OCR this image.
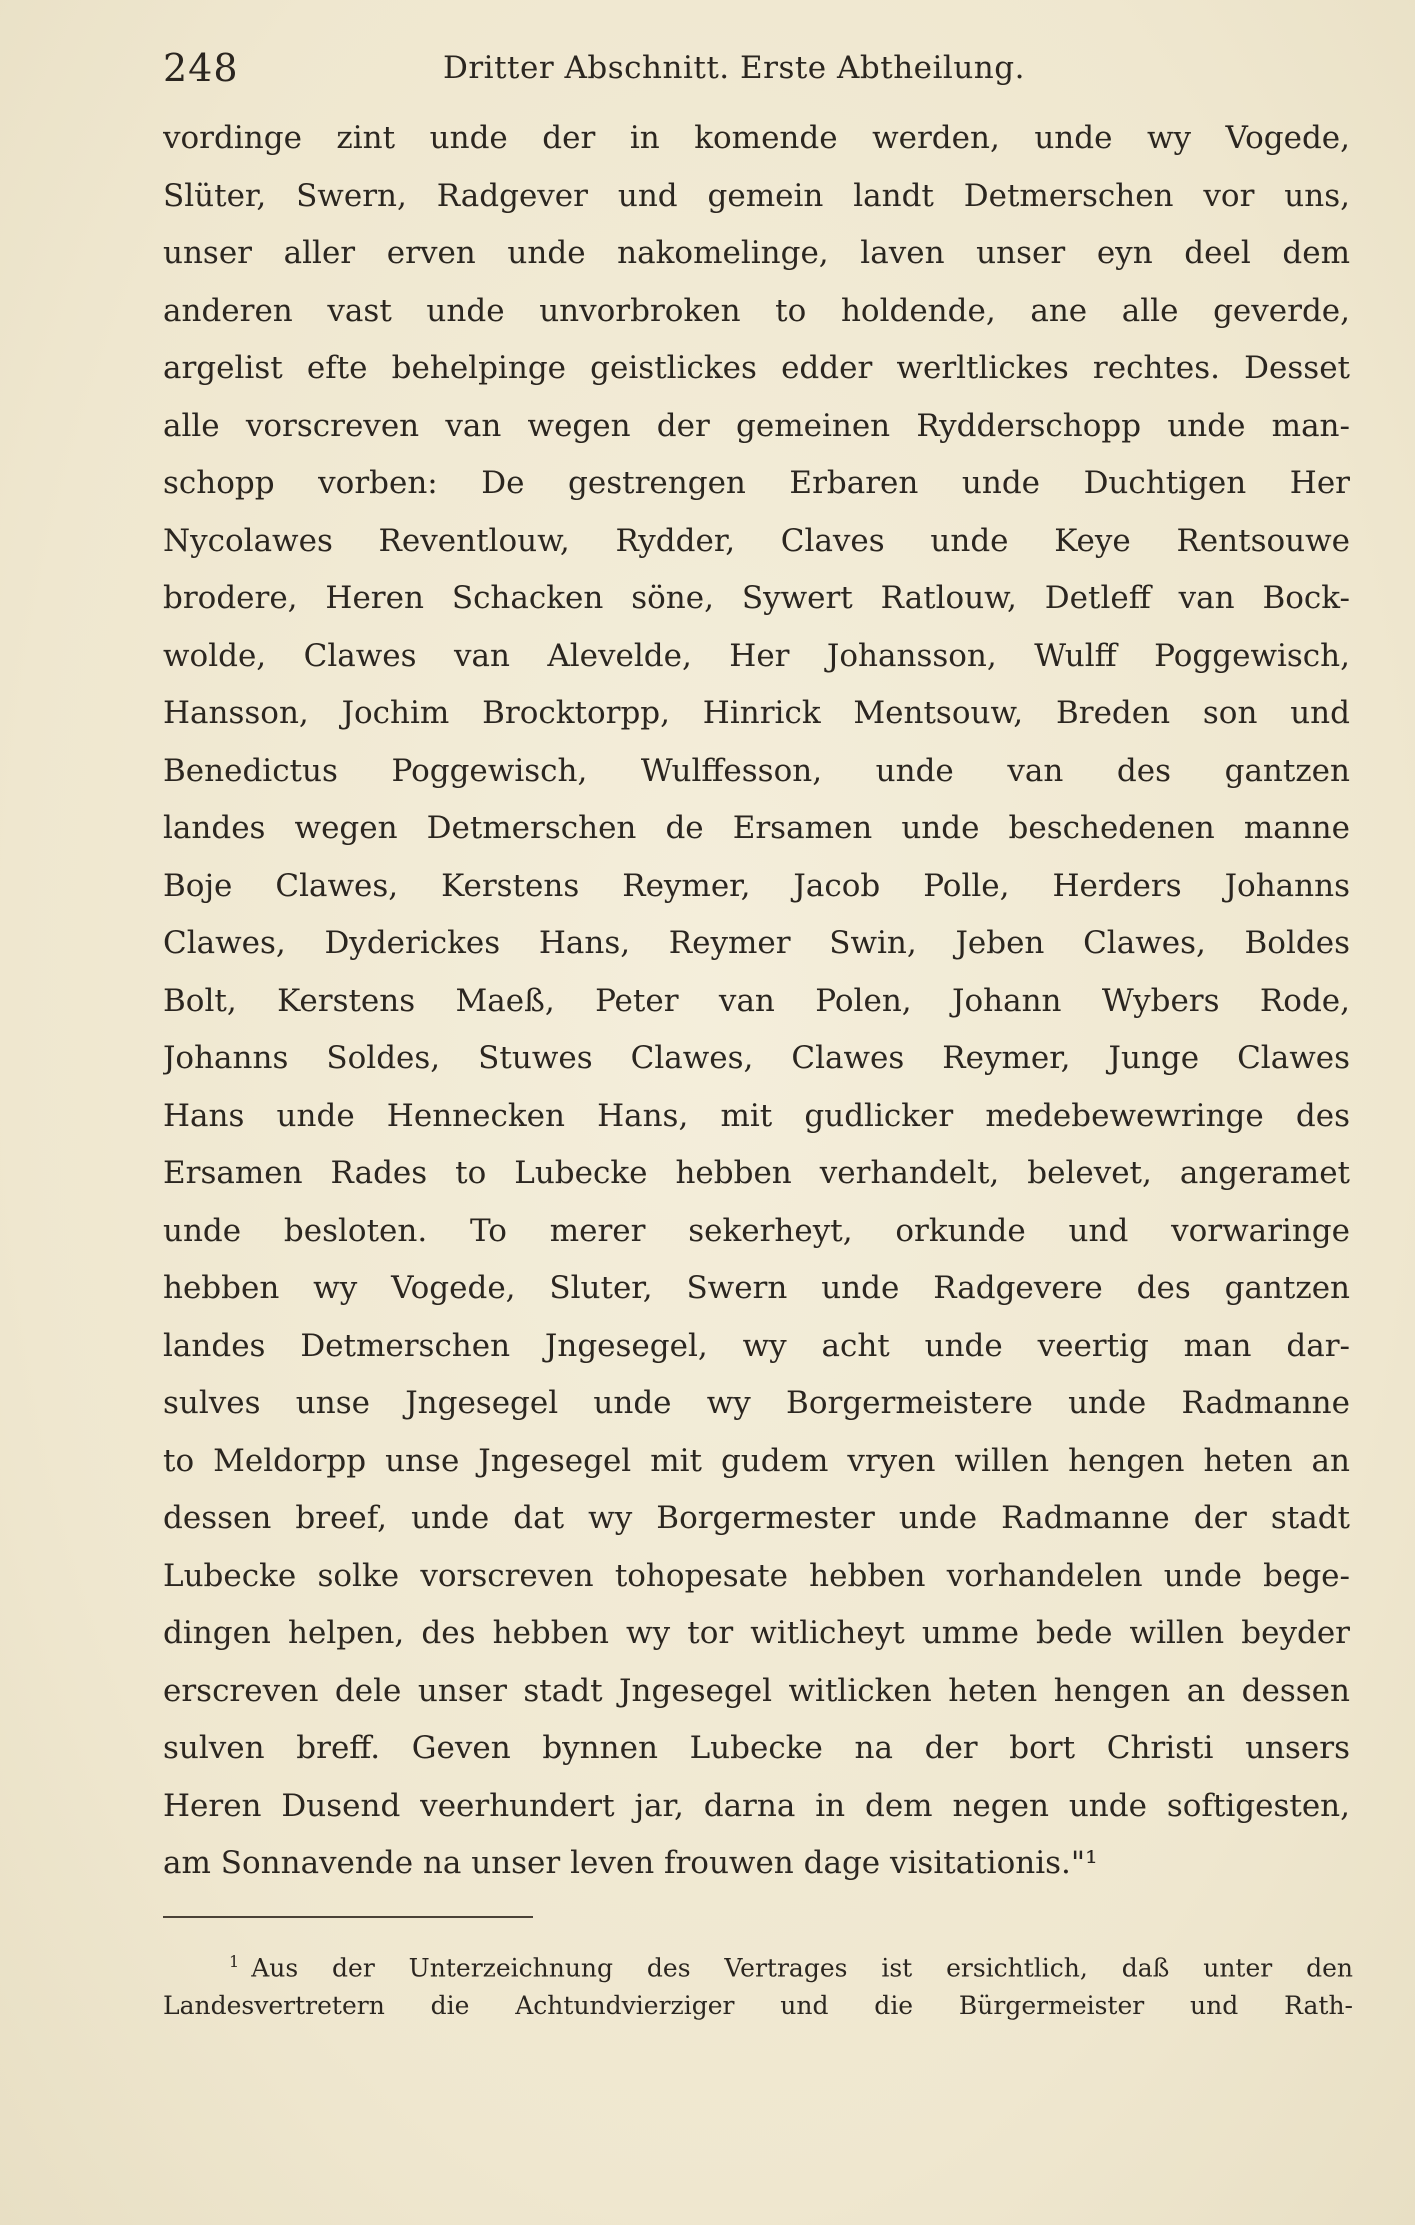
248	Dritter Abschnitt. Erste Abtheilung.
vordinge zint unde der in komende werden, unde wy Vogede,
Slüter, Swern, Radgever und gemein landt Detmerschen vor uns,
unser aller erven unde nakomelinge, laven unser eyn deel dem
anderen vast unde unvorbroken to holdende, ane alle geverde,
argelist efte behelpinge geistlickes edder werltlickes rechtes. Desset
alle vorscreven van wegen der gemeinen Rydderschopp unde man-
schopp vorben: De gestrengen Erbaren unde Duchtigen Her
Nycolawes Reventlouw, Rydder, Claves unde Keye Rentsouwe
brodere, Heren Schacken söne, Sywert Ratlouw, Detleff van Bock-
wolde, Clawes van Alevelde, Her Johansson, Wulff Poggewisch,
Hansson, Jochim Brocktorpp, Hinrick Mentsouw, Breden son und
Benedictus Poggewisch, Wulffesson, unde van des gantzen
landes wegen Detmerschen de Ersamen unde beschedenen manne
Boje Clawes, Kerstens Reymer, Jacob Polle, Herders Johanns
Clawes, Dyderickes Hans, Reymer Swin, Jeben Clawes, Boldes
Bolt, Kerstens Maeß, Peter van Polen, Johann Wybers Rode,
Johanns Soldes, Stuwes Clawes, Clawes Reymer, Junge Clawes
Hans unde Hennecken Hans, mit gudlicker medebewewringe des
Ersamen Rades to Lubecke hebben verhandelt, belevet, angeramet
unde besloten. To merer sekerheyt, orkunde und vorwaringe
hebben wy Vogede, Sluter, Swern unde Radgevere des gantzen
landes Detmerschen Jngesegel, wy acht unde veertig man dar-
sulves unse Jngesegel unde wy Borgermeistere unde Radmanne
to Meldorpp unse Jngesegel mit gudem vryen willen hengen heten an
dessen breef, unde dat wy Borgermester unde Radmanne der stadt
Lubecke solke vorscreven tohopesate hebben vorhandelen unde bege-
dingen helpen, des hebben wy tor witlicheyt umme bede willen beyder
erscreven dele unser stadt Jngesegel witlicken heten hengen an dessen
sulven breff. Geven bynnen Lubecke na der bort Christi unsers
Heren Dusend veerhundert jar, darna in dem negen unde softigesten,
am Sonnavende na unser leven frouwen dage visitationis."¹
$^1$ Aus der Unterzeichnung des Vertrages ist ersichtlich, daß unter den
Landesvertretern die Achtundvierziger und die Bürgermeister und Rath-
